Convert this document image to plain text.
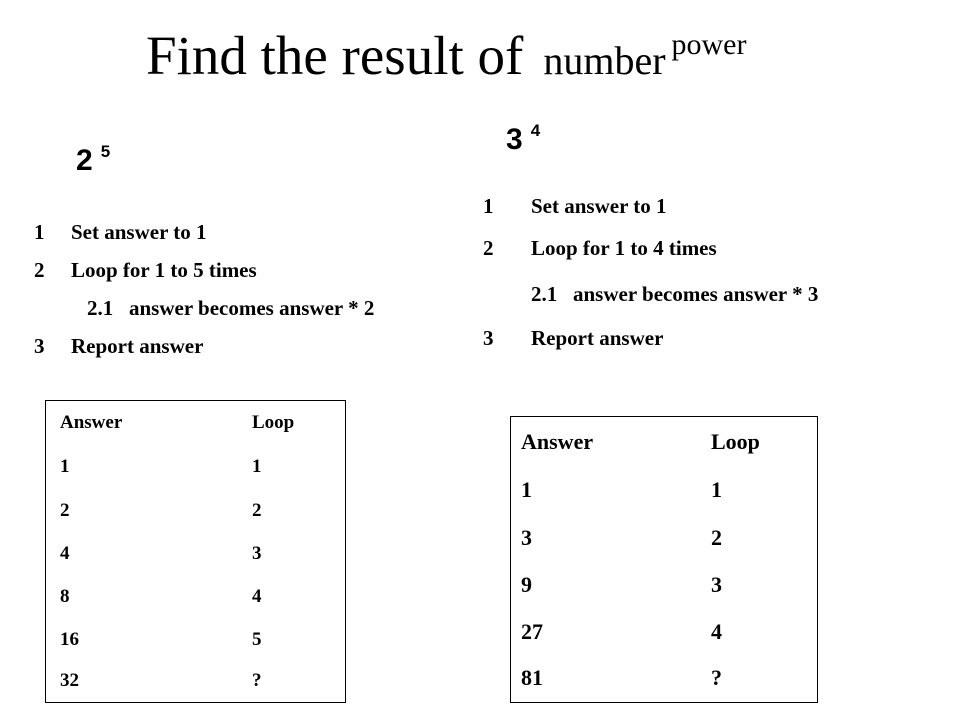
Find the result of number power
2 5	3 4
1 Set answer to 1
2 Loop for 1 to 5 times
2.1 answer becomes answer * 2
3 Report answer
1 Set answer to 1
2 Loop for 1 to 4 times
2.1 answer becomes answer * 3
3 Report answer
Answer	Loop
1	1
2	2
4	3
8	4
16	5
32	?
Answer	Loop
1	1
3	2
9	3
27	4
81	?
